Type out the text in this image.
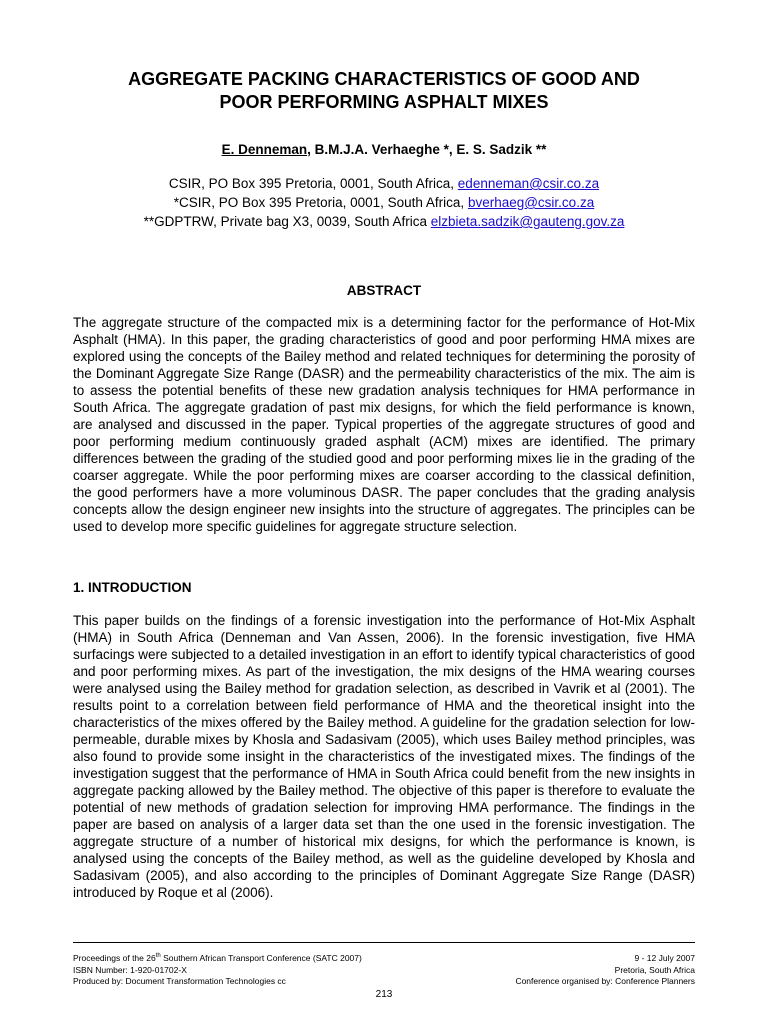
AGGREGATE PACKING CHARACTERISTICS OF GOOD AND
POOR PERFORMING ASPHALT MIXES
E. Denneman, B.M.J.A. Verhaeghe *, E. S. Sadzik **
CSIR, PO Box 395 Pretoria, 0001, South Africa, edenneman@csir.co.za
*CSIR, PO Box 395 Pretoria, 0001, South Africa, bverhaeg@csir.co.za
**GDPTRW, Private bag X3, 0039, South Africa elzbieta.sadzik@gauteng.gov.za
ABSTRACT

The aggregate structure of the compacted mix is a determining factor for the performance of Hot-Mix Asphalt (HMA). In this paper, the grading characteristics of good and poor performing HMA mixes are explored using the concepts of the Bailey method and related techniques for determining the porosity of the Dominant Aggregate Size Range (DASR) and the permeability characteristics of the mix. The aim is to assess the potential benefits of these new gradation analysis techniques for HMA performance in South Africa. The aggregate gradation of past mix designs, for which the field performance is known, are analysed and discussed in the paper. Typical properties of the aggregate structures of good and poor performing medium continuously graded asphalt (ACM) mixes are identified. The primary differences between the grading of the studied good and poor performing mixes lie in the grading of the coarser aggregate. While the poor performing mixes are coarser according to the classical definition, the good performers have a more voluminous DASR. The paper concludes that the grading analysis concepts allow the design engineer new insights into the structure of aggregates. The principles can be used to develop more specific guidelines for aggregate structure selection.

1. INTRODUCTION

This paper builds on the findings of a forensic investigation into the performance of Hot-Mix Asphalt (HMA) in South Africa (Denneman and Van Assen, 2006). In the forensic investigation, five HMA surfacings were subjected to a detailed investigation in an effort to identify typical characteristics of good and poor performing mixes. As part of the investigation, the mix designs of the HMA wearing courses were analysed using the Bailey method for gradation selection, as described in Vavrik et al (2001). The results point to a correlation between field performance of HMA and the theoretical insight into the characteristics of the mixes offered by the Bailey method. A guideline for the gradation selection for low-permeable, durable mixes by Khosla and Sadasivam (2005), which uses Bailey method principles, was also found to provide some insight in the characteristics of the investigated mixes. The findings of the investigation suggest that the performance of HMA in South Africa could benefit from the new insights in aggregate packing allowed by the Bailey method. The objective of this paper is therefore to evaluate the potential of new methods of gradation selection for improving HMA performance. The findings in the paper are based on analysis of a larger data set than the one used in the forensic investigation. The aggregate structure of a number of historical mix designs, for which the performance is known, is analysed using the concepts of the Bailey method, as well as the guideline developed by Khosla and Sadasivam (2005), and also according to the principles of Dominant Aggregate Size Range (DASR) introduced by Roque et al (2006).

Proceedings of the 26th Southern African Transport Conference (SATC 2007)
ISBN Number: 1-920-01702-X
Produced by: Document Transformation Technologies cc
9 - 12 July 2007
Pretoria, South Africa
Conference organised by: Conference Planners
213
